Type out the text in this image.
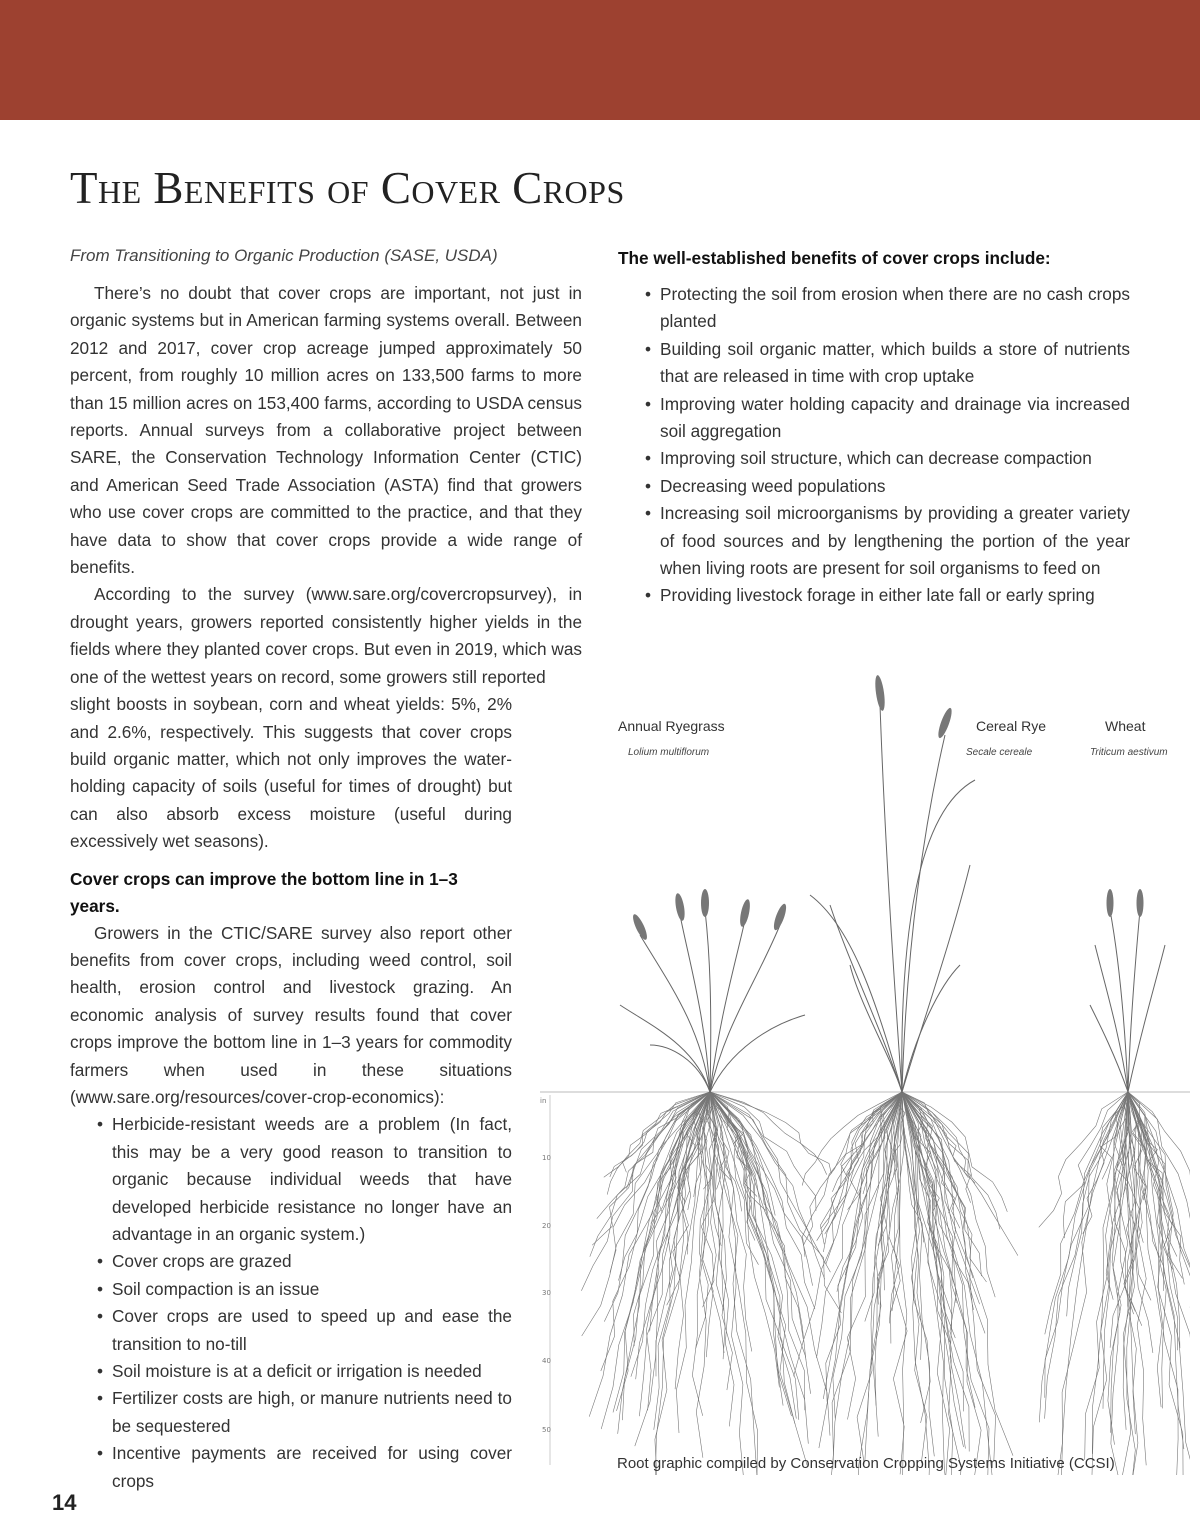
The Benefits of Cover Crops
From Transitioning to Organic Production (SASE, USDA)

There’s no doubt that cover crops are important, not just in organic systems but in American farming systems overall. Between 2012 and 2017, cover crop acreage jumped approximately 50 percent, from roughly 10 million acres on 133,500 farms to more than 15 million acres on 153,400 farms, according to USDA census reports. Annual surveys from a collaborative project between SARE, the Conservation Technology Information Center (CTIC) and American Seed Trade Association (ASTA) find that growers who use cover crops are committed to the practice, and that they have data to show that cover crops provide a wide range of benefits.

According to the survey (www.sare.org/covercropsurvey), in drought years, growers reported consistently higher yields in the fields where they planted cover crops. But even in 2019, which was one of the wettest years on record, some growers still reported

slight boosts in soybean, corn and wheat yields: 5%, 2% and 2.6%, respectively. This suggests that cover crops build organic matter, which not only improves the water-holding capacity of soils (useful for times of drought) but can also absorb excess moisture (useful during excessively wet seasons).

Cover crops can improve the bottom line in 1–3 years.

Growers in the CTIC/SARE survey also report other benefits from cover crops, including weed control, soil health, erosion control and livestock grazing. An economic analysis of survey results found that cover crops improve the bottom line in 1–3 years for commodity farmers when used in these situations (www.sare.org/resources/cover-crop-economics):

• Herbicide-resistant weeds are a problem (In fact, this may be a very good reason to transition to organic because individual weeds that have developed herbicide resistance no longer have an advantage in an organic system.)
• Cover crops are grazed
• Soil compaction is an issue
• Cover crops are used to speed up and ease the transition to no-till
• Soil moisture is at a deficit or irrigation is needed
• Fertilizer costs are high, or manure nutrients need to be sequestered
• Incentive payments are received for using cover crops
The well-established benefits of cover crops include:
• Protecting the soil from erosion when there are no cash crops planted
• Building soil organic matter, which builds a store of nutrients that are released in time with crop uptake
• Improving water holding capacity and drainage via increased soil aggregation
• Improving soil structure, which can decrease compaction
• Decreasing weed populations
• Increasing soil microorganisms by providing a greater variety of food sources and by lengthening the portion of the year when living roots are present for soil organisms to feed on
• Providing livestock forage in either late fall or early spring
Annual Ryegrass
Lolium multiflorum
Cereal Rye
Secale cereale
Wheat
Triticum aestivum
in
10
20
30
40
50
Root graphic compiled by Conservation Cropping Systems Initiative (CCSI)
14
